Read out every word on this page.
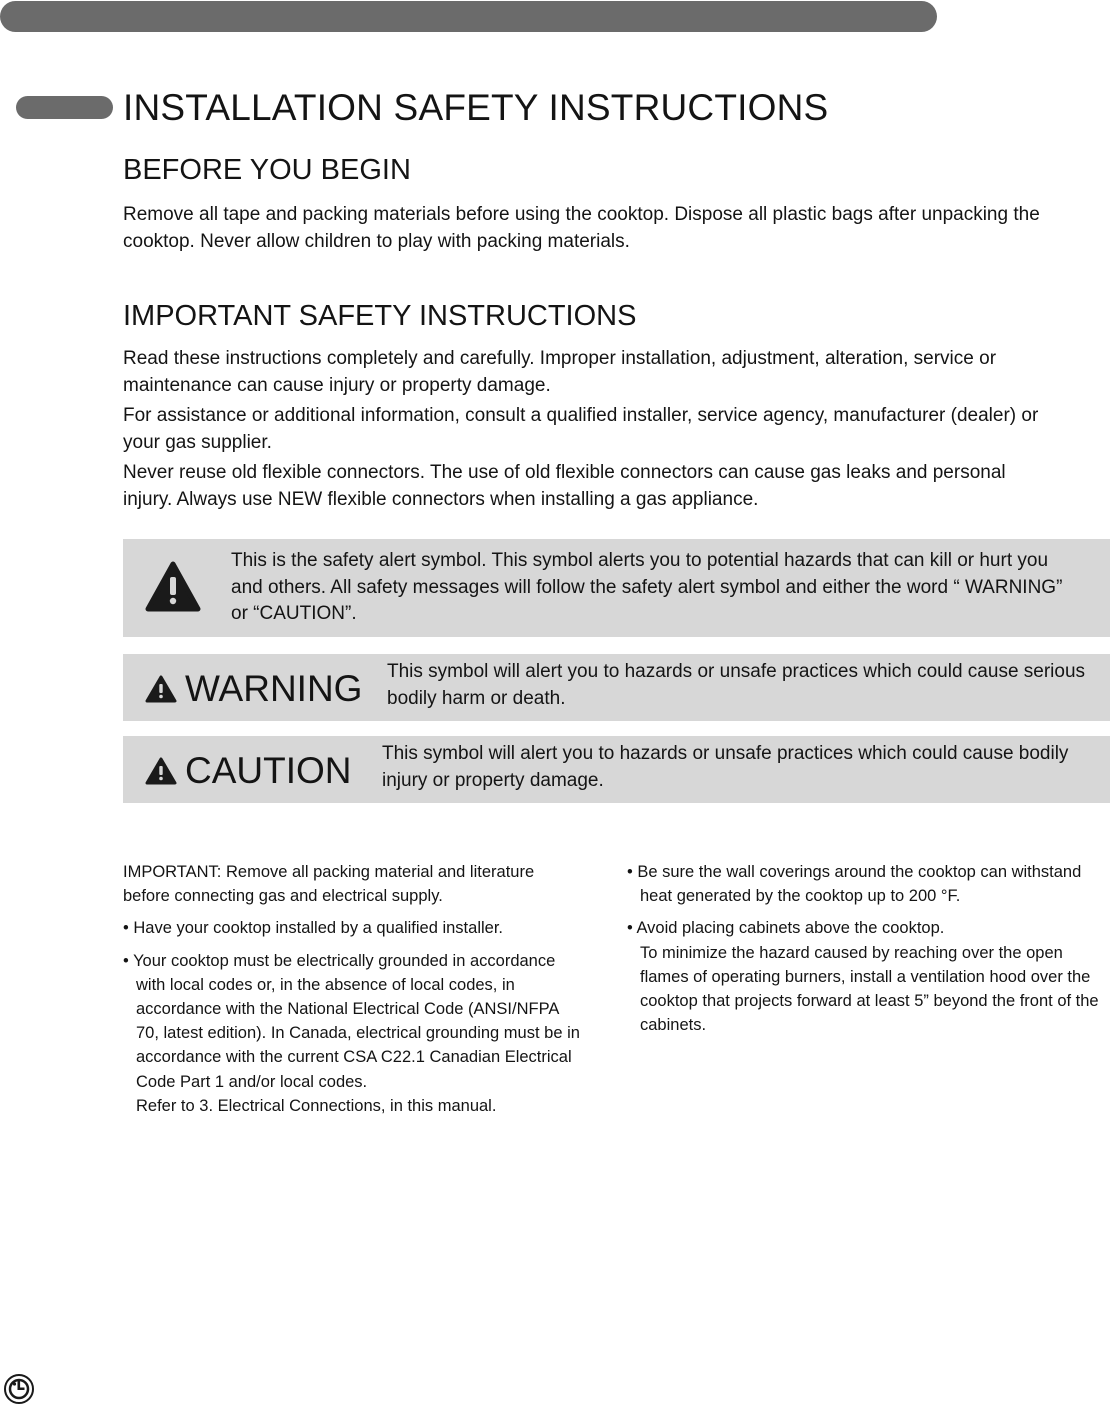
INSTALLATION SAFETY INSTRUCTIONS
BEFORE YOU BEGIN

Remove all tape and packing materials before using the cooktop. Dispose all plastic bags after unpacking the cooktop. Never allow children to play with packing materials.

IMPORTANT SAFETY INSTRUCTIONS

Read these instructions completely and carefully. Improper installation, adjustment, alteration, service or maintenance can cause injury or property damage.

For assistance or additional information, consult a qualified installer, service agency, manufacturer (dealer) or your gas supplier.

Never reuse old flexible connectors. The use of old flexible connectors can cause gas leaks and personal injury. Always use NEW flexible connectors when installing a gas appliance.

This is the safety alert symbol. This symbol alerts you to potential hazards that can kill or hurt you and others. All safety messages will follow the safety alert symbol and either the word “ WARNING” or “CAUTION”.

WARNING This symbol will alert you to hazards or unsafe practices which could cause serious bodily harm or death.

CAUTION This symbol will alert you to hazards or unsafe practices which could cause bodily injury or property damage.

IMPORTANT: Remove all packing material and literature before connecting gas and electrical supply.

• Have your cooktop installed by a qualified installer.

• Your cooktop must be electrically grounded in accordance with local codes or, in the absence of local codes, in accordance with the National Electrical Code (ANSI/NFPA 70, latest edition). In Canada, electrical grounding must be in accordance with the current CSA C22.1 Canadian Electrical Code Part 1 and/or local codes.

Refer to 3. Electrical Connections, in this manual.

• Be sure the wall coverings around the cooktop can withstand heat generated by the cooktop up to 200 °F.

• Avoid placing cabinets above the cooktop.

To minimize the hazard caused by reaching over the open flames of operating burners, install a ventilation hood over the cooktop that projects forward at least 5” beyond the front of the cabinets.
